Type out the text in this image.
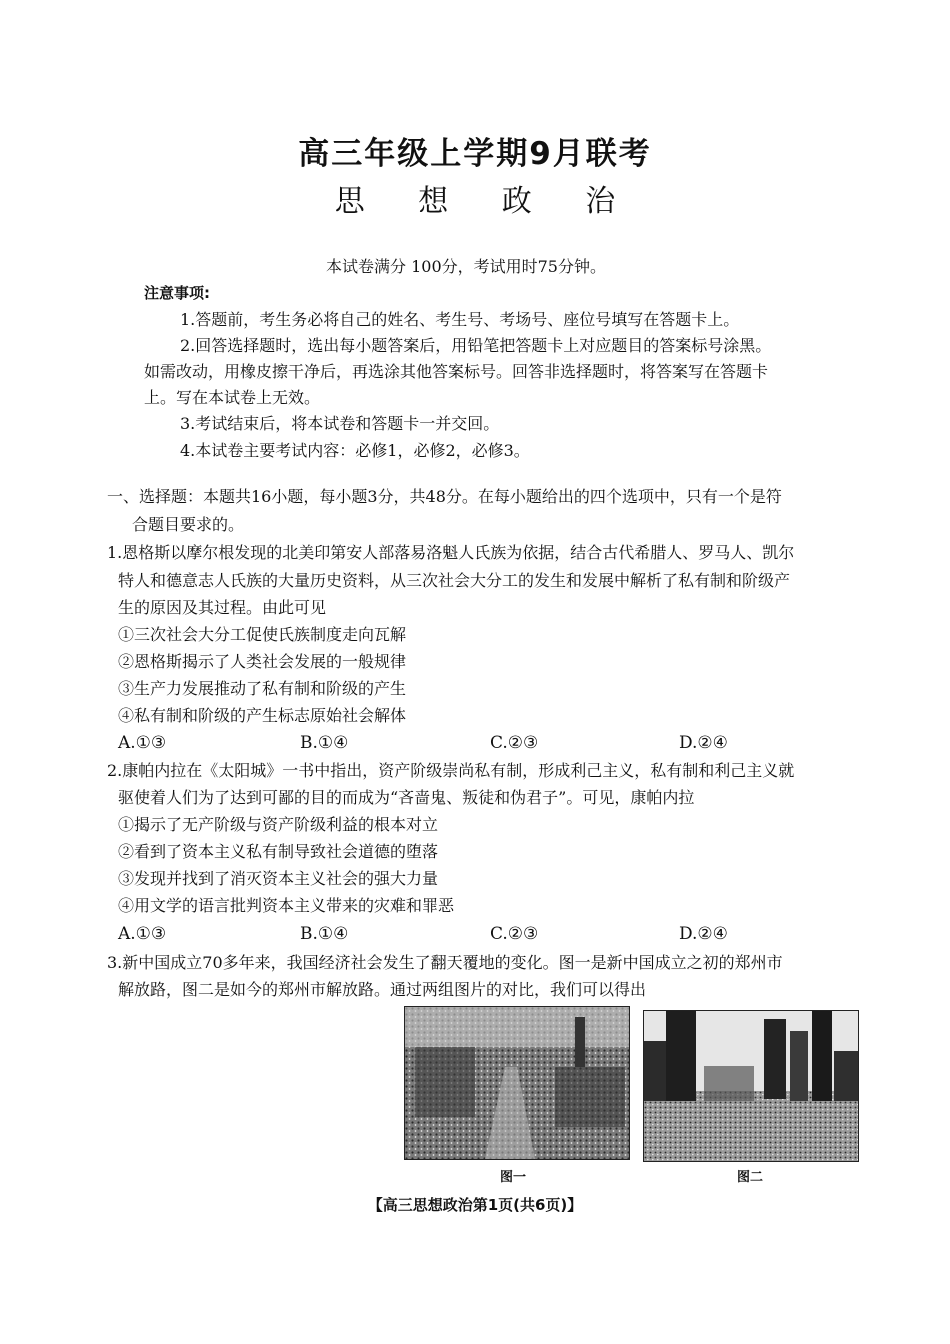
高三年级上学期9月联考
思 想 政 治
本试卷满分 100分，考试用时75分钟。
注意事项:
1.答题前，考生务必将自己的姓名、考生号、考场号、座位号填写在答题卡上。
2.回答选择题时，选出每小题答案后，用铅笔把答题卡上对应题目的答案标号涂黑。
如需改动，用橡皮擦干净后，再选涂其他答案标号。回答非选择题时，将答案写在答题卡
上。写在本试卷上无效。
3.考试结束后，将本试卷和答题卡一并交回。
4.本试卷主要考试内容：必修1，必修2，必修3。
一、选择题：本题共16小题，每小题3分，共48分。在每小题给出的四个选项中，只有一个是符
合题目要求的。
1.恩格斯以摩尔根发现的北美印第安人部落易洛魁人氏族为依据，结合古代希腊人、罗马人、凯尔
特人和德意志人氏族的大量历史资料，从三次社会大分工的发生和发展中解析了私有制和阶级产
生的原因及其过程。由此可见
①三次社会大分工促使氏族制度走向瓦解
②恩格斯揭示了人类社会发展的一般规律
③生产力发展推动了私有制和阶级的产生
④私有制和阶级的产生标志原始社会解体
A.①③	B.①④	C.②③	D.②④
2.康帕内拉在《太阳城》一书中指出，资产阶级崇尚私有制，形成利己主义，私有制和利己主义就
驱使着人们为了达到可鄙的目的而成为“吝啬鬼、叛徒和伪君子”。可见，康帕内拉
①揭示了无产阶级与资产阶级利益的根本对立
②看到了资本主义私有制导致社会道德的堕落
③发现并找到了消灭资本主义社会的强大力量
④用文学的语言批判资本主义带来的灾难和罪恶
A.①③	B.①④	C.②③	D.②④
3.新中国成立70多年来，我国经济社会发生了翻天覆地的变化。图一是新中国成立之初的郑州市
解放路，图二是如今的郑州市解放路。通过两组图片的对比，我们可以得出
图一	图二
【高三思想政治第1页(共6页)】
